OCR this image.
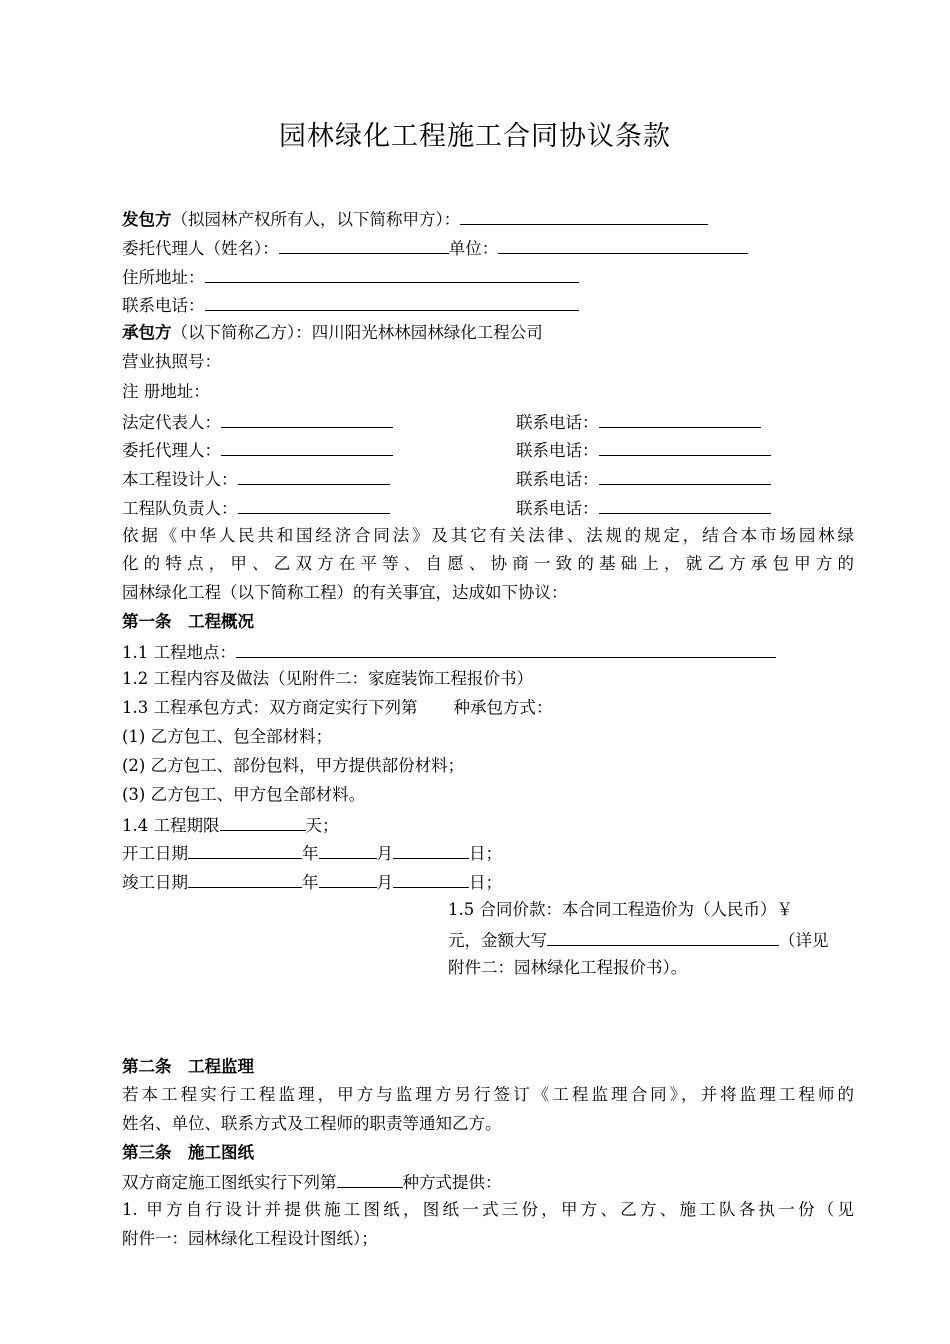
园林绿化工程施工合同协议条款
发包方（拟园林产权所有人，以下简称甲方）：
委托代理人（姓名）：	单位：
住所地址：
联系电话：
承包方（以下简称乙方）：四川阳光林林园林绿化工程公司
营业执照号：
注 册地址：
法定代表人：	联系电话：
委托代理人：	联系电话：
本工程设计人：	联系电话：
工程队负责人：	联系电话：
依据《中华人民共和国经济合同法》及其它有关法律、法规的规定，结合本市场园林绿
化的特点，甲、乙双方在平等、自愿、协商一致的基础上，就乙方承包甲方的
园林绿化工程（以下简称工程）的有关事宜，达成如下协议：
第一条　工程概况
1.1 工程地点：
1.2 工程内容及做法（见附件二：家庭装饰工程报价书）
1.3 工程承包方式：双方商定实行下列第 种承包方式：
(1) 乙方包工、包全部材料；
(2) 乙方包工、部份包料，甲方提供部份材料；
(3) 乙方包工、甲方包全部材料。
1.4 工程期限	天；
开工日期	年	月	日；
竣工日期	年	月	日；
1.5 合同价款：本合同工程造价为（人民币）￥
元，金额大写	（详见
附件二：园林绿化工程报价书）。
第二条　工程监理
若本工程实行工程监理，甲方与监理方另行签订《工程监理合同》，并将监理工程师的
姓名、单位、联系方式及工程师的职责等通知乙方。
第三条　施工图纸
双方商定施工图纸实行下列第	种方式提供：
1. 甲方自行设计并提供施工图纸，图纸一式三份，甲方、乙方、施工队各执一份（见
附件一：园林绿化工程设计图纸）；
